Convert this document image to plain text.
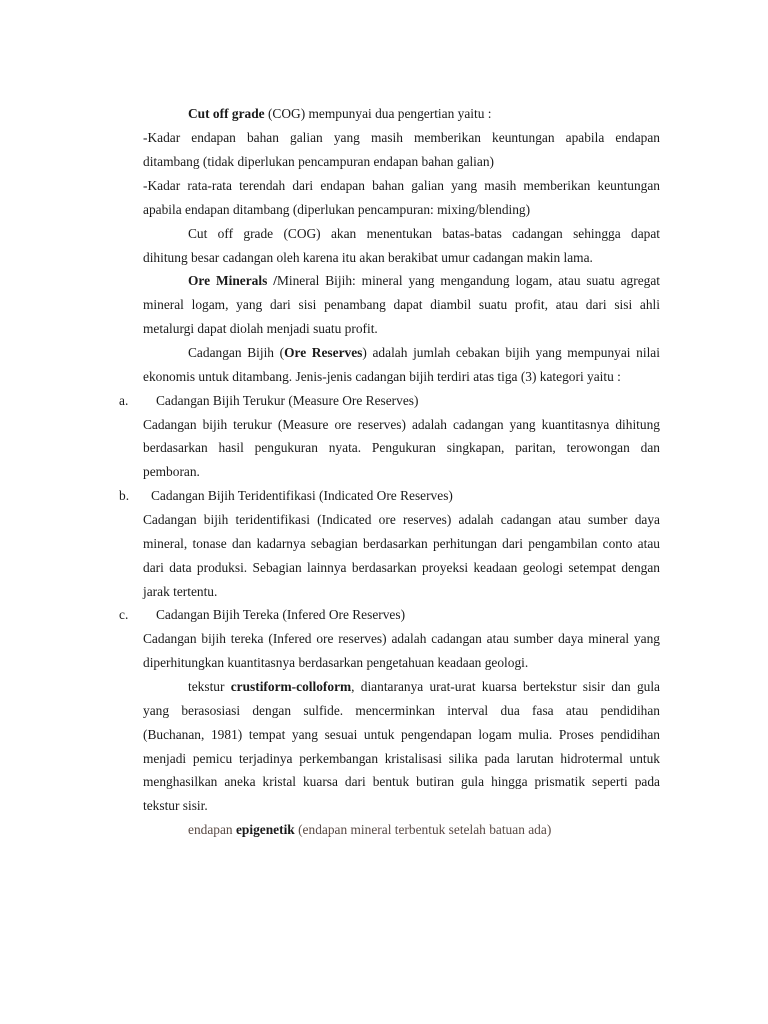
Cut off grade (COG) mempunyai dua pengertian yaitu :
-Kadar endapan bahan galian yang masih memberikan keuntungan apabila endapan
ditambang (tidak diperlukan pencampuran endapan bahan galian)
-Kadar rata-rata terendah dari endapan bahan galian yang masih memberikan keuntungan
apabila endapan ditambang (diperlukan pencampuran: mixing/blending)
Cut off grade (COG) akan menentukan batas-batas cadangan sehingga dapat
dihitung besar cadangan oleh karena itu akan berakibat umur cadangan makin lama.
Ore Minerals /Mineral Bijih: mineral yang mengandung logam, atau suatu agregat
mineral logam, yang dari sisi penambang dapat diambil suatu profit, atau dari sisi ahli
metalurgi dapat diolah menjadi suatu profit.
Cadangan Bijih (Ore Reserves) adalah jumlah cebakan bijih yang mempunyai nilai
ekonomis untuk ditambang. Jenis-jenis cadangan bijih terdiri atas tiga (3) kategori yaitu :
a. Cadangan Bijih Terukur (Measure Ore Reserves)
Cadangan bijih terukur (Measure ore reserves) adalah cadangan yang kuantitasnya dihitung
berdasarkan hasil pengukuran nyata. Pengukuran singkapan, paritan, terowongan dan
pemboran.
b. Cadangan Bijih Teridentifikasi (Indicated Ore Reserves)
Cadangan bijih teridentifikasi (Indicated ore reserves) adalah cadangan atau sumber daya
mineral, tonase dan kadarnya sebagian berdasarkan perhitungan dari pengambilan conto atau
dari data produksi. Sebagian lainnya berdasarkan proyeksi keadaan geologi setempat dengan
jarak tertentu.
c. Cadangan Bijih Tereka (Infered Ore Reserves)
Cadangan bijih tereka (Infered ore reserves) adalah cadangan atau sumber daya mineral yang
diperhitungkan kuantitasnya berdasarkan pengetahuan keadaan geologi.
tekstur crustiform-colloform, diantaranya urat-urat kuarsa bertekstur sisir dan gula
yang berasosiasi dengan sulfide. mencerminkan interval dua fasa atau pendidihan
(Buchanan, 1981) tempat yang sesuai untuk pengendapan logam mulia. Proses pendidihan
menjadi pemicu terjadinya perkembangan kristalisasi silika pada larutan hidrotermal untuk
menghasilkan aneka kristal kuarsa dari bentuk butiran gula hingga prismatik seperti pada
tekstur sisir.
endapan epigenetik (endapan mineral terbentuk setelah batuan ada)
